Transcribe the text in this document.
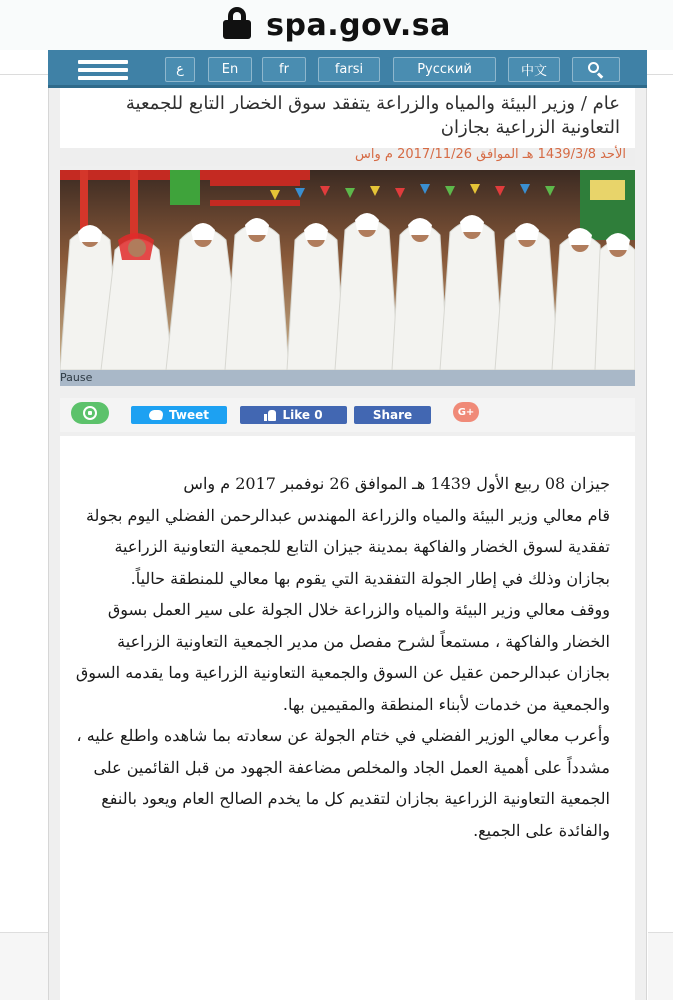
spa.gov.sa
ع	En	fr	farsi	Русский	中文
عام / وزير البيئة والمياه والزراعة يتفقد سوق الخضار التابع للجمعية التعاونية الزراعية بجازان
الأحد 1439/3/8 هـ الموافق 2017/11/26 م واس
Pause
Tweet	Like 0	Share	G+

جيزان 08 ربيع الأول 1439 هـ الموافق 26 نوفمبر 2017 م واس

قام معالي وزير البيئة والمياه والزراعة المهندس عبدالرحمن الفضلي اليوم بجولة تفقدية لسوق الخضار والفاكهة بمدينة جيزان التابع للجمعية التعاونية الزراعية بجازان وذلك في إطار الجولة التفقدية التي يقوم بها معالي للمنطقة حالياً.

ووقف معالي وزير البيئة والمياه والزراعة خلال الجولة على سير العمل بسوق الخضار والفاكهة ، مستمعاً لشرح مفصل من مدير الجمعية التعاونية الزراعية بجازان عبدالرحمن عقيل عن السوق والجمعية التعاونية الزراعية وما يقدمه السوق والجمعية من خدمات لأبناء المنطقة والمقيمين بها.

وأعرب معالي الوزير الفضلي في ختام الجولة عن سعادته بما شاهده واطلع عليه ، مشدداً على أهمية العمل الجاد والمخلص مضاعفة الجهود من قبل القائمين على الجمعية التعاونية الزراعية بجازان لتقديم كل ما يخدم الصالح العام ويعود بالنفع والفائدة على الجميع.
